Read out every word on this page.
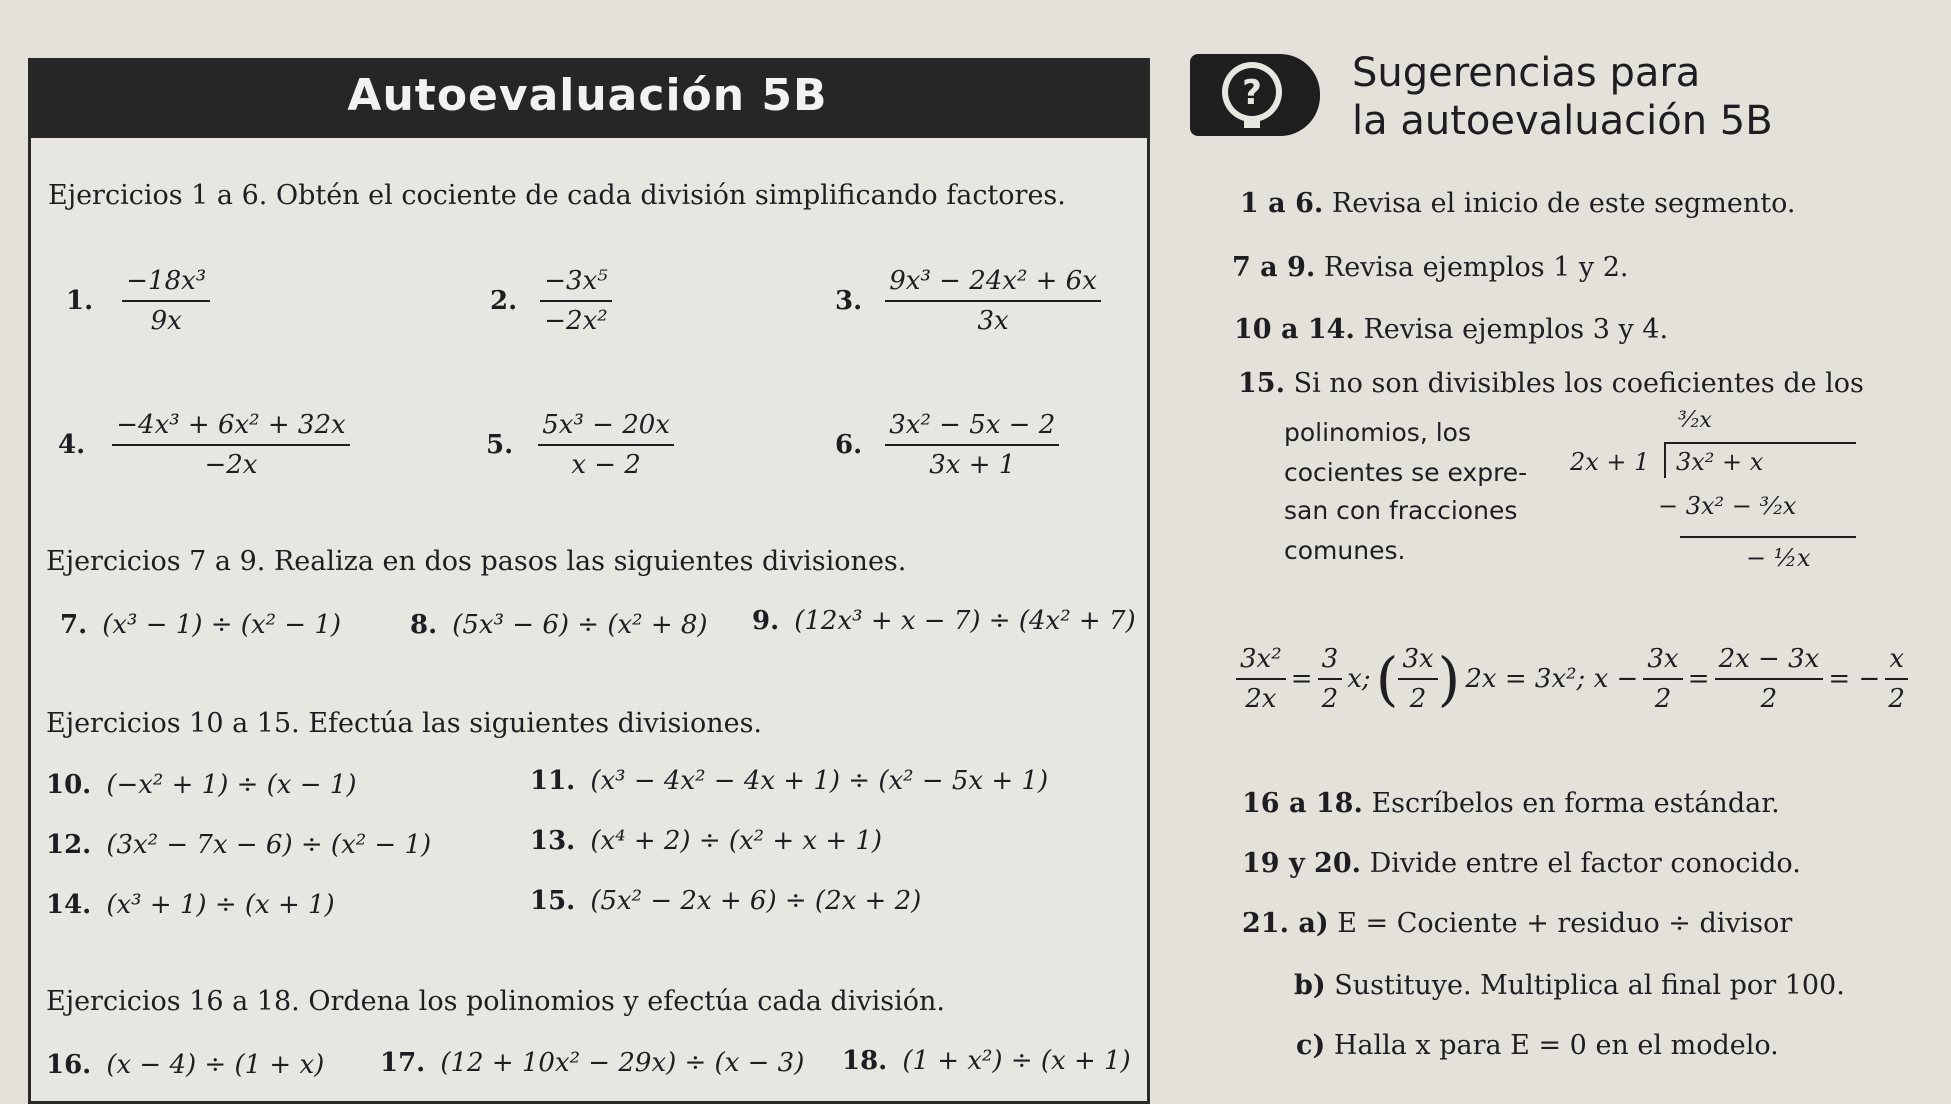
Autoevaluación 5B
Ejercicios 1 a 6. Obtén el cociente de cada división simplificando factores.
1. $\frac{\text{−18x³}}{9x}$	2. $\frac{\text{−3x⁵}}{\text{−2x²}}$	3. $\frac{\text{9x³ − 24x² + 6x}}{3x}$
4. $\frac{\text{−4x³ + 6x² + 32x}}{-2x}$	5. $\frac{\text{5x³ − 20x}}{x - 2}$	6. $\frac{\text{3x² − 5x − 2}}{3x + 1}$
Ejercicios 7 a 9. Realiza en dos pasos las siguientes divisiones.
7. (x³ − 1) ÷ (x² − 1)	8. (5x³ − 6) ÷ (x² + 8) 9. (12x³ + x − 7) ÷ (4x² + 7)
Ejercicios 10 a 15. Efectúa las siguientes divisiones.
10. (−x² + 1) ÷ (x − 1)	11. (x³ − 4x² − 4x + 1) ÷ (x² − 5x + 1)
12. (3x² − 7x − 6) ÷ (x² − 1)	13. (x⁴ + 2) ÷ (x² + x + 1)
14. (x³ + 1) ÷ (x + 1)	15. (5x² − 2x + 6) ÷ (2x + 2)
Ejercicios 16 a 18. Ordena los polinomios y efectúa cada división.
16. (x − 4) ÷ (1 + x) 17. (12 + 10x² − 29x) ÷ (x − 3) 18. (1 + x²) ÷ (x + 1)
? Sugerencias para
la autoevaluación 5B
1 a 6. Revisa el inicio de este segmento.
7 a 9. Revisa ejemplos 1 y 2.
10 a 14. Revisa ejemplos 3 y 4.
15. Si no son divisibles los coeficientes de los
polinomios, los
cocientes se expre-
san con fracciones
comunes.
³⁄₂x
2x + 1 3x² + x
− 3x² − ³⁄₂x
− ½x
$\frac{\text{3x²}}{2x} = \frac{3}{2} x$; ( $\frac{3x}{2}$ ) 2x = 3x²; $x - \frac{3x}{2} = \frac{2x - 3x}{2}$ = − $\frac{x}{2}$
16 a 18. Escríbelos en forma estándar.
19 y 20. Divide entre el factor conocido.
21. a) E = Cociente + residuo ÷ divisor
b) Sustituye. Multiplica al final por 100.
c) Halla x para E = 0 en el modelo.
